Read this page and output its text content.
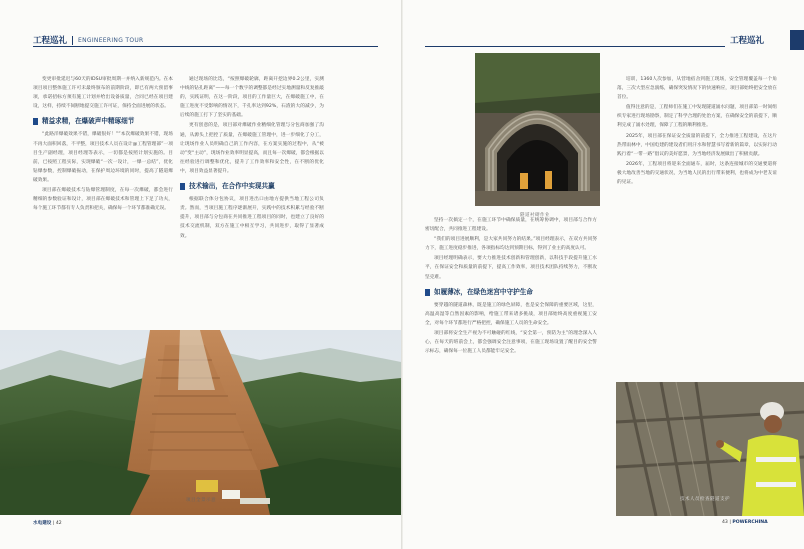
工程巡礼 ENGINEERING TOUR

变更审批延迟与60天的IDSU审批周期一并纳入新规范内。在本项目项目整体施工许可未最终颁布的前期阶段，即已有两大预留事项，承诺招标方须有施工计划并给出设备质量，合同已经在项目建设，这样，持续不间断地提交施工许可证，保持全面进展的状态。

精益求精，在爆破声中精琢细节

“此路洋爆破效果不错，爆破很好！””本次爆破效果不错，现场不再大面积回落，不平整，项目技术人员在设计@工程管理部”一项目生产副经理，项目经理等表示，一切都是按照计划实施的。目前，已按照工程实际，实现爆破“一次一设计，一爆一总结”，优化钻爆参数，控制爆破振动，在保护周边环境的同时，提高了隧道爆破效果。

项目部在爆破技术与钻爆管理制度，在每一次爆破，都会进行精细的参数验证和设计，项目部在爆破技术和管理上下足了功夫，每个施工环节都有专人负责和把关，确保每一个环节都准确无误。

通过现场的比选，“按照爆破轮廓，距离开挖边界0.2公里，实测中线的钻孔距离”——每一个数字的调整都是经过实地测量和反复推敲的，实践证明，在这一阶段，项目的工作量巨大，在爆破施工中，在施工进度不受影响的情况下，千孔率达到92%，石渣的大的减少，为后续的施工打下了坚实的基础。

更有创意的是，项目部对爆破作业精细化管理与分包商加强了沟通，从源头上把控了质量，在爆破施工管理中，进一步细化了分工，让现场作业人员明确自己的工作内容，在方案实施的过程中，从“被动”变“主动”，现场作业效率明显提高，而且每一次爆破，都会根据以往经验进行调整和优化，提升了工作效率和安全性，在不断的优化中，项目效益显著提升。

技术输出，在合作中实现共赢

根据联合体分包协议，项目进出口由地方提供当地工程公司负责。然而，当项目施工程序逐渐展开，实践中的技术积累与经验不断提升，项目部与分包商在共同推进工程项目的同时，也建立了良好的技术交流机制，双方在施工中相互学习，共同进步，取得了显著成效。

项目全景示意
水电建设 | 42
工程巡礼
隧道衬砌作业

坚持一次搞定一个，在施工环节中确保质量，在统筹协调中，项目部与合作方密切配合，共同推进工程建设。

“我们的项目进展顺利，是大家共同努力的结果。”项目经理表示，在双方共同努力下，施工进度稳步推进，各项指标均达到预期目标，得到了业主的高度认可。

项目经理明确表示，要大力推进技术创新和管理创新，以科技手段提升施工水平，在保证安全和质量的前提下，提高工作效率，项目技术团队持续努力，不断攻坚克难。

如履薄冰，在绿色迷宫中守护生命

要穿越的隧道森林，既是施工的绿色屏障，也是安全保障的重要区域，这里，高温高湿等自然因素的影响，给施工带来诸多挑战，项目部始终高度重视施工安全，对每个环节都进行严格把控，确保施工人员的生命安全。

项目部将安全生产视为不可触碰的红线，“安全第一，预防为主”的理念深入人心，在每天的班前会上，都会强调安全注意事项，在施工现场设置了醒目的安全警示标志，确保每一位施工人员都能牢记安全。

培训，1360人次参加，从营地宿舍到施工现场，安全管理覆盖每一个角落，三次大型应急演练，确保突发情况下的快速响应，项目部始终把安全放在首位。

值得注意的是，工程师们在施工中发现隧道涌水问题，项目部第一时间组织专家进行现场勘察，制定了科学合理的处治方案，在确保安全的前提下，顺利完成了涌水处理，保障了工程的顺利推进。

2025年，项目部在保证安全质量的前提下，全力推进工程建设，在这片热带雨林中，中国电建的建设者们用汗水和智慧书写着新的篇章，以实际行动践行着“一带一路”倡议的美好愿景，为当地经济发展做出了积极贡献。

2026年，工程项目将迎来全面通车，届时，这条连接城市的交通要道将极大地改善当地的交通状况，为当地人民的出行带来便利，也将成为中老友谊的见证。

技术人员检查隧道支护
43 | POWERCHINA
